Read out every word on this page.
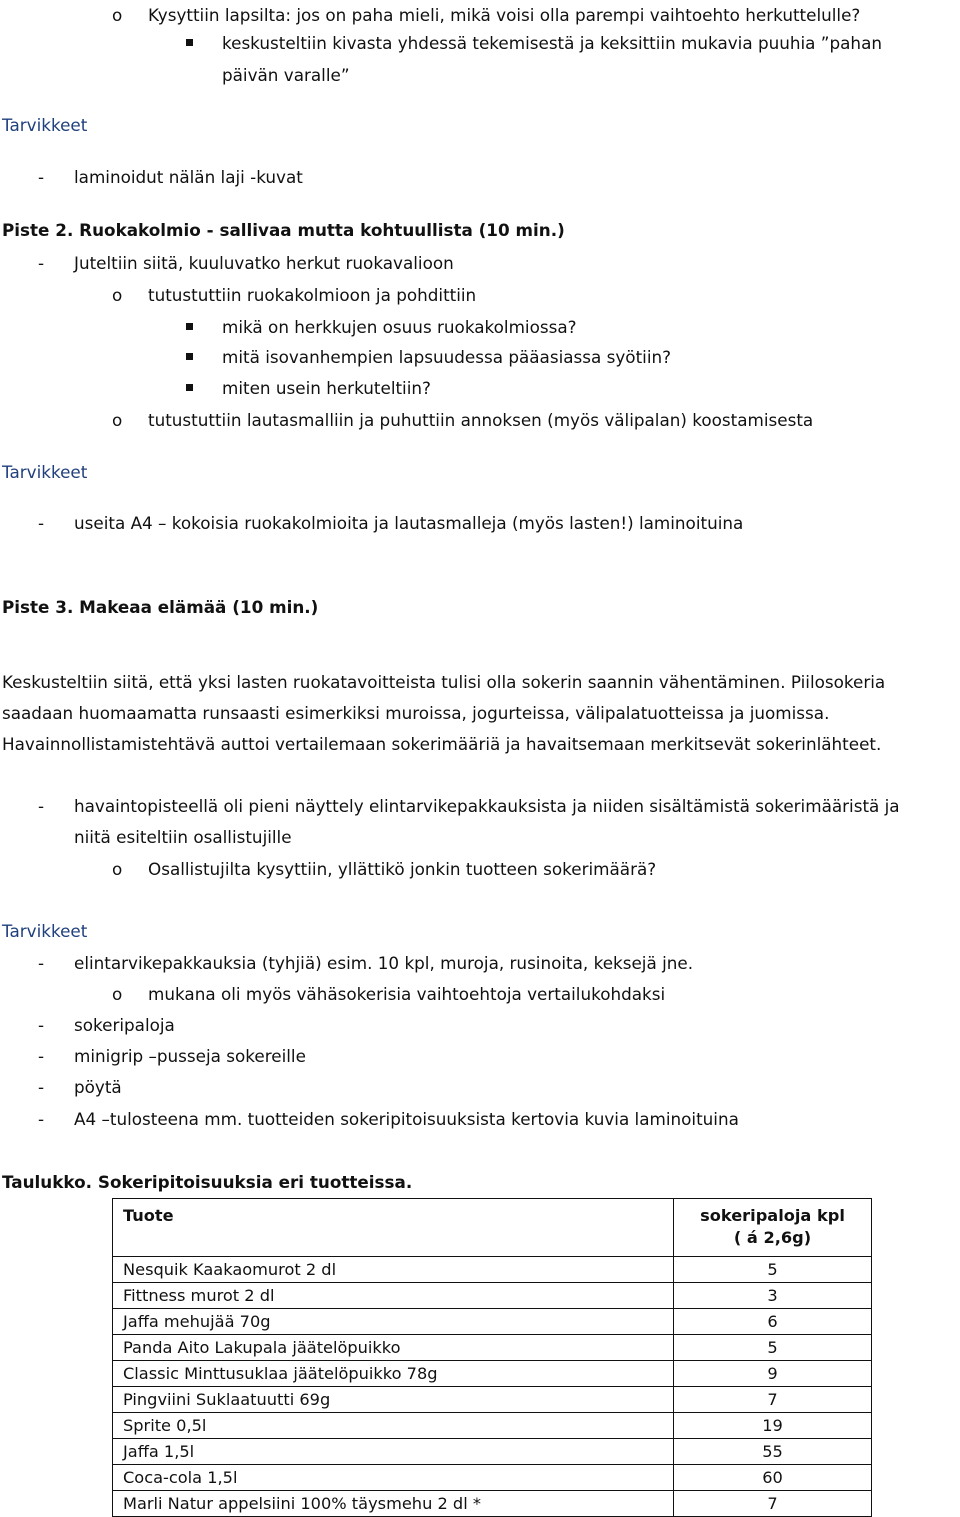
o	Kysyttiin lapsilta: jos on paha mieli, mikä voisi olla parempi vaihtoehto herkuttelulle?
keskusteltiin kivasta yhdessä tekemisestä ja keksittiin mukavia puuhia ”pahan
päivän varalle”
Tarvikkeet
- laminoidut nälän laji -kuvat
Piste 2. Ruokakolmio - sallivaa mutta kohtuullista (10 min.)
- Juteltiin siitä, kuuluvatko herkut ruokavalioon
o	tutustuttiin ruokakolmioon ja pohdittiin
mikä on herkkujen osuus ruokakolmiossa?
mitä isovanhempien lapsuudessa pääasiassa syötiin?
miten usein herkuteltiin?
o	tutustuttiin lautasmalliin ja puhuttiin annoksen (myös välipalan) koostamisesta
Tarvikkeet
- useita A4 – kokoisia ruokakolmioita ja lautasmalleja (myös lasten!) laminoituina
Piste 3. Makeaa elämää (10 min.)
Keskusteltiin siitä, että yksi lasten ruokatavoitteista tulisi olla sokerin saannin vähentäminen. Piilosokeria
saadaan huomaamatta runsaasti esimerkiksi muroissa, jogurteissa, välipalatuotteissa ja juomissa.
Havainnollistamistehtävä auttoi vertailemaan sokerimääriä ja havaitsemaan merkitsevät sokerinlähteet.
- havaintopisteellä oli pieni näyttely elintarvikepakkauksista ja niiden sisältämistä sokerimääristä ja
niitä esiteltiin osallistujille
o	Osallistujilta kysyttiin, yllättikö jonkin tuotteen sokerimäärä?
Tarvikkeet
- elintarvikepakkauksia (tyhjiä) esim. 10 kpl, muroja, rusinoita, keksejä jne.
o	mukana oli myös vähäsokerisia vaihtoehtoja vertailukohdaksi
- sokeripaloja
- minigrip –pusseja sokereille
- pöytä
- A4 –tulosteena mm. tuotteiden sokeripitoisuuksista kertovia kuvia laminoituina
Taulukko. Sokeripitoisuuksia eri tuotteissa.
Tuote	sokeripaloja kpl
( á 2,6g)

Nesquik Kaakaomurot 2 dl	5
Fittness murot 2 dl	3
Jaffa mehujää 70g	6
Panda Aito Lakupala jäätelöpuikko	5
Classic Minttusuklaa jäätelöpuikko 78g	9
Pingviini Suklaatuutti 69g	7
Sprite 0,5l	19
Jaffa 1,5l	55
Coca-cola 1,5l	60
Marli Natur appelsiini 100% täysmehu 2 dl *	7
